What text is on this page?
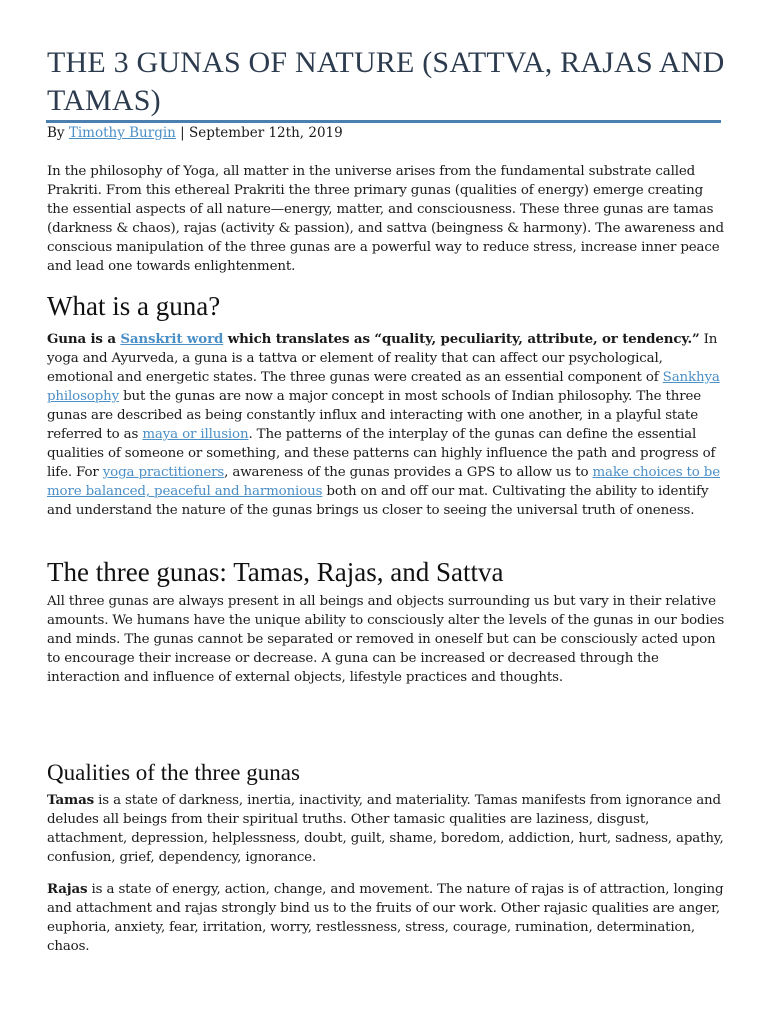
THE 3 GUNAS OF NATURE (SATTVA, RAJAS AND TAMAS)
By Timothy Burgin | September 12th, 2019

In the philosophy of Yoga, all matter in the universe arises from the fundamental substrate called Prakriti. From this ethereal Prakriti the three primary gunas (qualities of energy) emerge creating the essential aspects of all nature—energy, matter, and consciousness. These three gunas are tamas (darkness & chaos), rajas (activity & passion), and sattva (beingness & harmony). The awareness and conscious manipulation of the three gunas are a powerful way to reduce stress, increase inner peace and lead one towards enlightenment.

What is a guna?

Guna is a Sanskrit word which translates as “quality, peculiarity, attribute, or tendency.” In yoga and Ayurveda, a guna is a tattva or element of reality that can affect our psychological, emotional and energetic states. The three gunas were created as an essential component of Sankhya philosophy but the gunas are now a major concept in most schools of Indian philosophy. The three gunas are described as being constantly influx and interacting with one another, in a playful state referred to as maya or illusion. The patterns of the interplay of the gunas can define the essential qualities of someone or something, and these patterns can highly influence the path and progress of life. For yoga practitioners, awareness of the gunas provides a GPS to allow us to make choices to be more balanced, peaceful and harmonious both on and off our mat. Cultivating the ability to identify and understand the nature of the gunas brings us closer to seeing the universal truth of oneness.

The three gunas: Tamas, Rajas, and Sattva

All three gunas are always present in all beings and objects surrounding us but vary in their relative amounts. We humans have the unique ability to consciously alter the levels of the gunas in our bodies and minds. The gunas cannot be separated or removed in oneself but can be consciously acted upon to encourage their increase or decrease. A guna can be increased or decreased through the interaction and influence of external objects, lifestyle practices and thoughts.

Qualities of the three gunas

Tamas is a state of darkness, inertia, inactivity, and materiality. Tamas manifests from ignorance and deludes all beings from their spiritual truths. Other tamasic qualities are laziness, disgust, attachment, depression, helplessness, doubt, guilt, shame, boredom, addiction, hurt, sadness, apathy, confusion, grief, dependency, ignorance.

Rajas is a state of energy, action, change, and movement. The nature of rajas is of attraction, longing and attachment and rajas strongly bind us to the fruits of our work. Other rajasic qualities are anger, euphoria, anxiety, fear, irritation, worry, restlessness, stress, courage, rumination, determination, chaos.
